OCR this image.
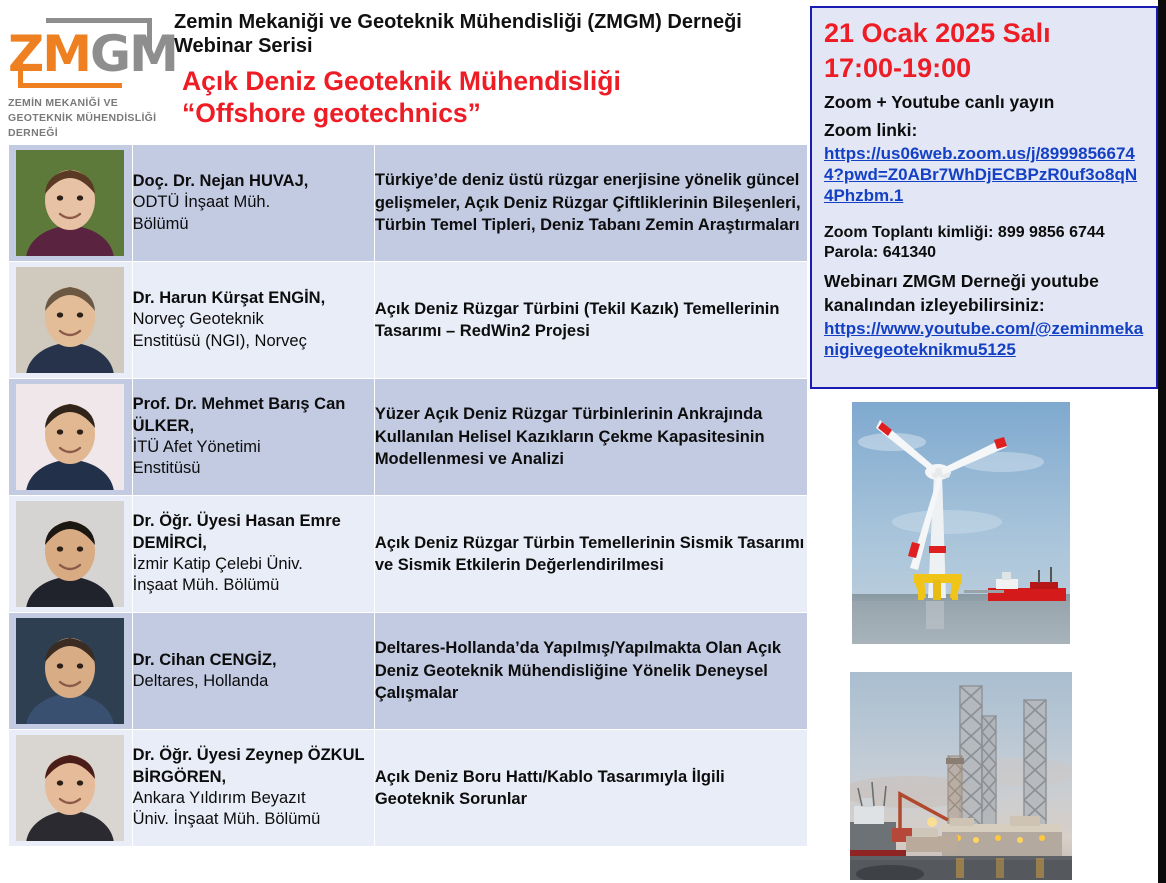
ZMGM
ZEMİN MEKANİĞİ VE
GEOTEKNİK MÜHENDİSLİĞİ
DERNEĞİ
Zemin Mekaniği ve Geoteknik Mühendisliği (ZMGM) Derneği
Webinar Serisi
Açık Deniz Geoteknik Mühendisliği
“Offshore geotechnics”

Doç. Dr. Nejan HUVAJ,
ODTÜ İnşaat Müh.
Bölümü	Türkiye’de deniz üstü rüzgar enerjisine yönelik güncel gelişmeler, Açık Deniz Rüzgar Çiftliklerinin Bileşenleri, Türbin Temel Tipleri, Deniz Tabanı Zemin Araştırmaları

Dr. Harun Kürşat ENGİN,
Norveç Geoteknik
Enstitüsü (NGI), Norveç	Açık Deniz Rüzgar Türbini (Tekil Kazık) Temellerinin Tasarımı – RedWin2 Projesi

Prof. Dr. Mehmet Barış Can ÜLKER,
İTÜ Afet Yönetimi
Enstitüsü	Yüzer Açık Deniz Rüzgar Türbinlerinin Ankrajında Kullanılan Helisel Kazıkların Çekme Kapasitesinin Modellenmesi ve Analizi

Dr. Öğr. Üyesi Hasan Emre DEMİRCİ,
İzmir Katip Çelebi Üniv.
İnşaat Müh. Bölümü	Açık Deniz Rüzgar Türbin Temellerinin Sismik Tasarımı ve Sismik Etkilerin Değerlendirilmesi

Dr. Cihan CENGİZ,
Deltares, Hollanda	Deltares-Hollanda’da Yapılmış/Yapılmakta Olan Açık Deniz Geoteknik Mühendisliğine Yönelik Deneysel Çalışmalar

Dr. Öğr. Üyesi Zeynep ÖZKUL BİRGÖREN,
Ankara Yıldırım Beyazıt
Üniv. İnşaat Müh. Bölümü	Açık Deniz Boru Hattı/Kablo Tasarımıyla İlgili Geoteknik Sorunlar
21 Ocak 2025 Salı
17:00-19:00
Zoom + Youtube canlı yayın
Zoom linki:
https://us06web.zoom.us/j/89998566744?pwd=Z0ABr7WhDjECBPzR0uf3o8qN4Phzbm.1
Zoom Toplantı kimliği: 899 9856 6744
Parola: 641340
Webinarı ZMGM Derneği youtube
kanalından izleyebilirsiniz:
https://www.youtube.com/@zeminmekanigivegeoteknikmu5125
